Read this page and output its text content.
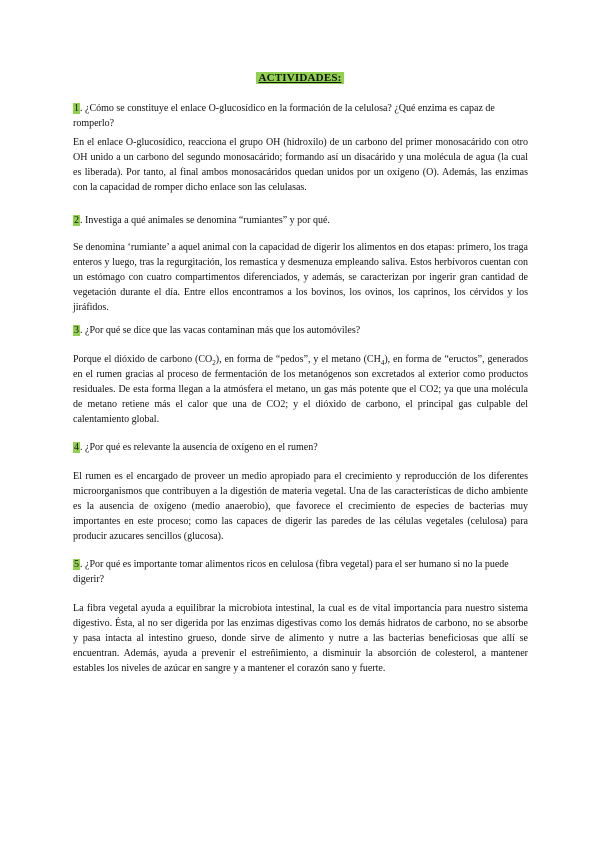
ACTIVIDADES:
1. ¿Cómo se constituye el enlace O-glucosídico en la formación de la celulosa? ¿Qué enzima es capaz de romperlo?
En el enlace O-glucosídico, reacciona el grupo OH (hidroxilo) de un carbono del primer monosacárido con otro OH unido a un carbono del segundo monosacárido; formando así un disacárido y una molécula de agua (la cual es liberada). Por tanto, al final ambos monosacáridos quedan unidos por un oxígeno (O). Además, las enzimas con la capacidad de romper dicho enlace son las celulasas.
2. Investiga a qué animales se denomina “rumiantes” y por qué.
Se denomina ‘rumiante’ a aquel animal con la capacidad de digerir los alimentos en dos etapas: primero, los traga enteros y luego, tras la regurgitación, los remastica y desmenuza empleando saliva. Estos herbívoros cuentan con un estómago con cuatro compartimentos diferenciados, y además, se caracterizan por ingerir gran cantidad de vegetación durante el día. Entre ellos encontramos a los bovinos, los ovinos, los caprinos, los cérvidos y los jiráfidos.
3. ¿Por qué se dice que las vacas contaminan más que los automóviles?
Porque el dióxido de carbono $(CO_2)$, en forma de “pedos”, y el metano $(CH_4)$, en forma de “eructos”, generados en el rumen gracias al proceso de fermentación de los metanógenos son excretados al exterior como productos residuales. De esta forma llegan a la atmósfera el metano, un gas más potente que el CO2; ya que una molécula de metano retiene más el calor que una de CO2; y el dióxido de carbono, el principal gas culpable del calentamiento global.
4. ¿Por qué es relevante la ausencia de oxígeno en el rumen?
El rumen es el encargado de proveer un medio apropiado para el crecimiento y reproducción de los diferentes microorganismos que contribuyen a la digestión de materia vegetal. Una de las características de dicho ambiente es la ausencia de oxígeno (medio anaerobio), que favorece el crecimiento de especies de bacterias muy importantes en este proceso; como las capaces de digerir las paredes de las células vegetales (celulosa) para producir azucares sencillos (glucosa).
5. ¿Por qué es importante tomar alimentos ricos en celulosa (fibra vegetal) para el ser humano si no la puede digerir?
La fibra vegetal ayuda a equilibrar la microbiota intestinal, la cual es de vital importancia para nuestro sistema digestivo. Ésta, al no ser digerida por las enzimas digestivas como los demás hidratos de carbono, no se absorbe y pasa intacta al intestino grueso, donde sirve de alimento y nutre a las bacterias beneficiosas que allí se encuentran. Además, ayuda a prevenir el estreñimiento, a disminuir la absorción de colesterol, a mantener estables los niveles de azúcar en sangre y a mantener el corazón sano y fuerte.
